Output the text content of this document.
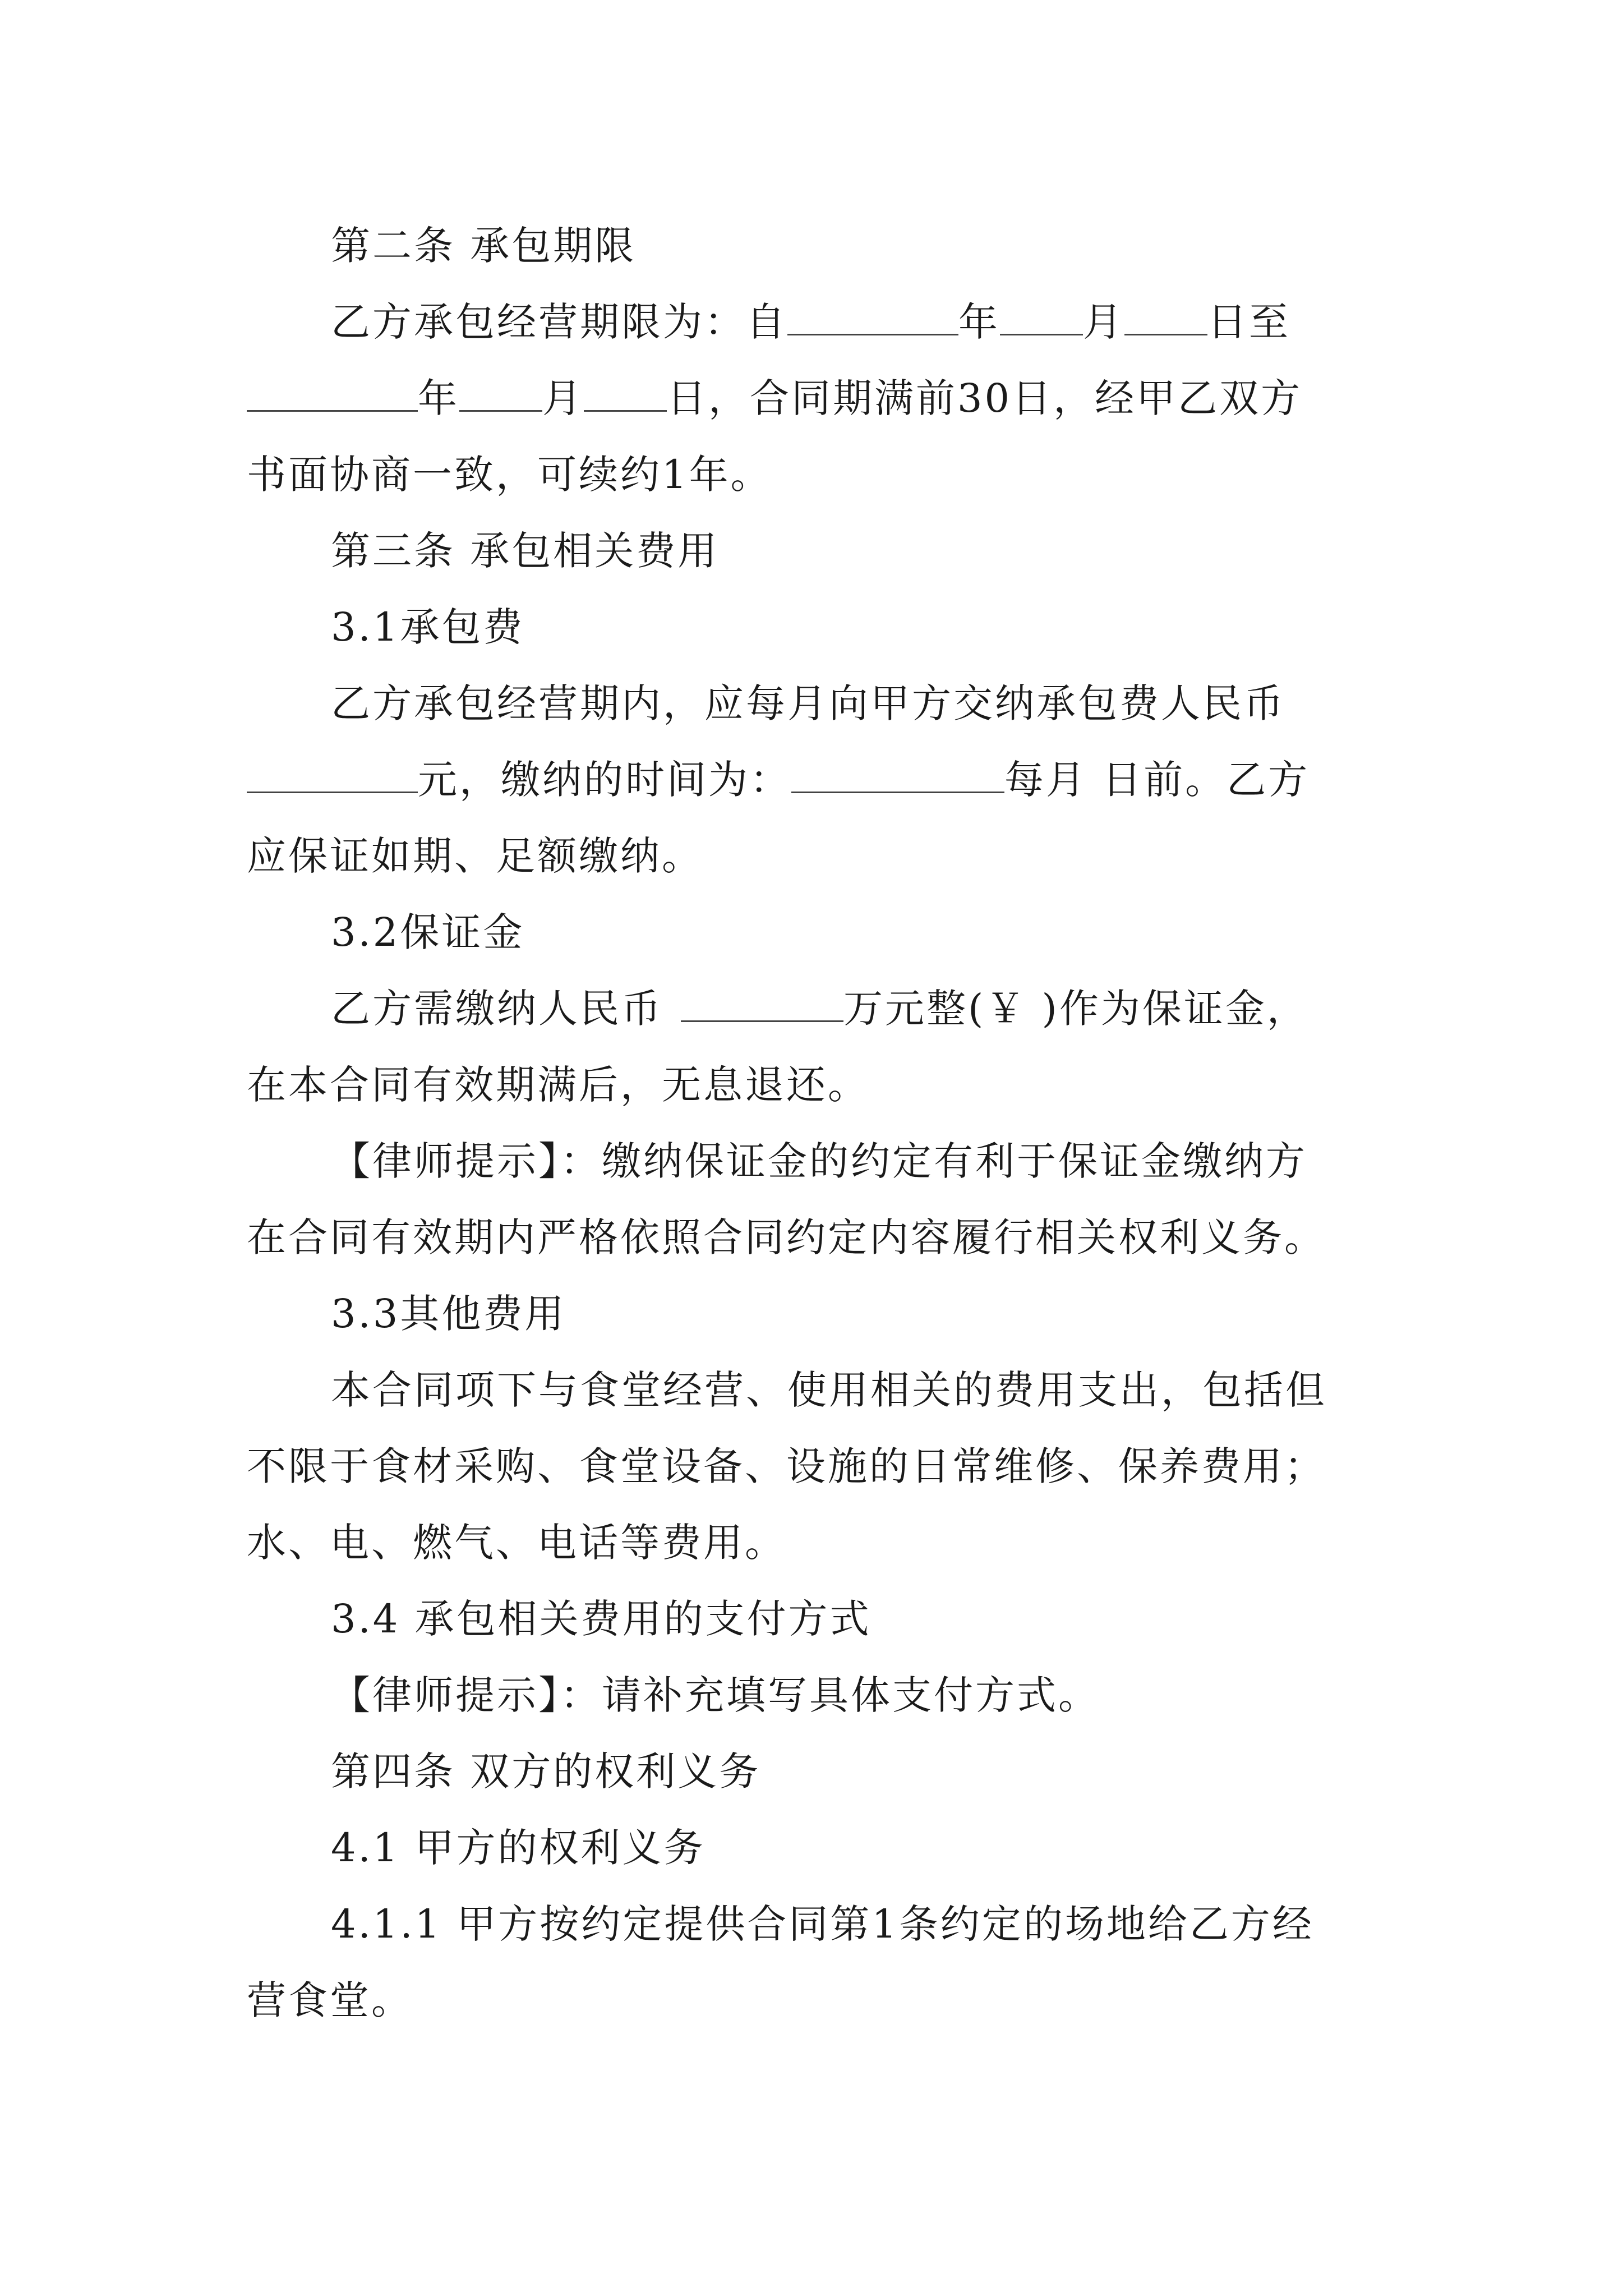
第二条 承包期限
乙方承包经营期限为：自	年 月 日至
年 月 日，合同期满前30日，经甲乙双方
书面协商一致，可续约1年。
第三条 承包相关费用
3.1承包费
乙方承包经营期内，应每月向甲方交纳承包费人民币
元，缴纳的时间为：	每月 日前。乙方
应保证如期、足额缴纳。
3.2保证金
乙方需缴纳人民币	万元整(￥ )作为保证金，
在本合同有效期满后，无息退还。
【律师提示】：缴纳保证金的约定有利于保证金缴纳方
在合同有效期内严格依照合同约定内容履行相关权利义务。
3.3其他费用
本合同项下与食堂经营、使用相关的费用支出，包括但
不限于食材采购、食堂设备、设施的日常维修、保养费用；
水、电、燃气、电话等费用。
3.4 承包相关费用的支付方式
【律师提示】：请补充填写具体支付方式。
第四条 双方的权利义务
4.1 甲方的权利义务
4.1.1 甲方按约定提供合同第1条约定的场地给乙方经
营食堂。
